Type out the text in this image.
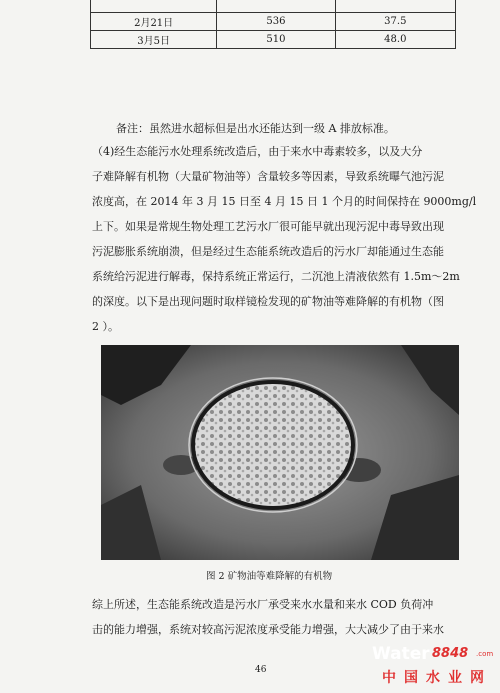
2月21日	536	37.5
3月5日	510	48.0
备注：虽然进水超标但是出水还能达到一级 A 排放标准。
（4)经生态能污水处理系统改造后，由于来水中毒素较多，以及大分
子难降解有机物（大量矿物油等）含量较多等因素，导致系统曝气池污泥
浓度高，在 2014 年 3 月 15 日至 4 月 15 日 1 个月的时间保持在 9000mg/l
上下。如果是常规生物处理工艺污水厂很可能早就出现污泥中毒导致出现
污泥膨胀系统崩溃，但是经过生态能系统改造后的污水厂却能通过生态能
系统给污泥进行解毒，保持系统正常运行，二沉池上清液依然有 1.5m～2m
的深度。以下是出现问题时取样镜检发现的矿物油等难降解的有机物（图
2 ）。
图 2 矿物油等难降解的有机物
综上所述，生态能系统改造是污水厂承受来水水量和来水 COD 负荷冲
击的能力增强，系统对较高污泥浓度承受能力增强，大大减少了由于来水
46
Water 8848 .com
中国水业网
